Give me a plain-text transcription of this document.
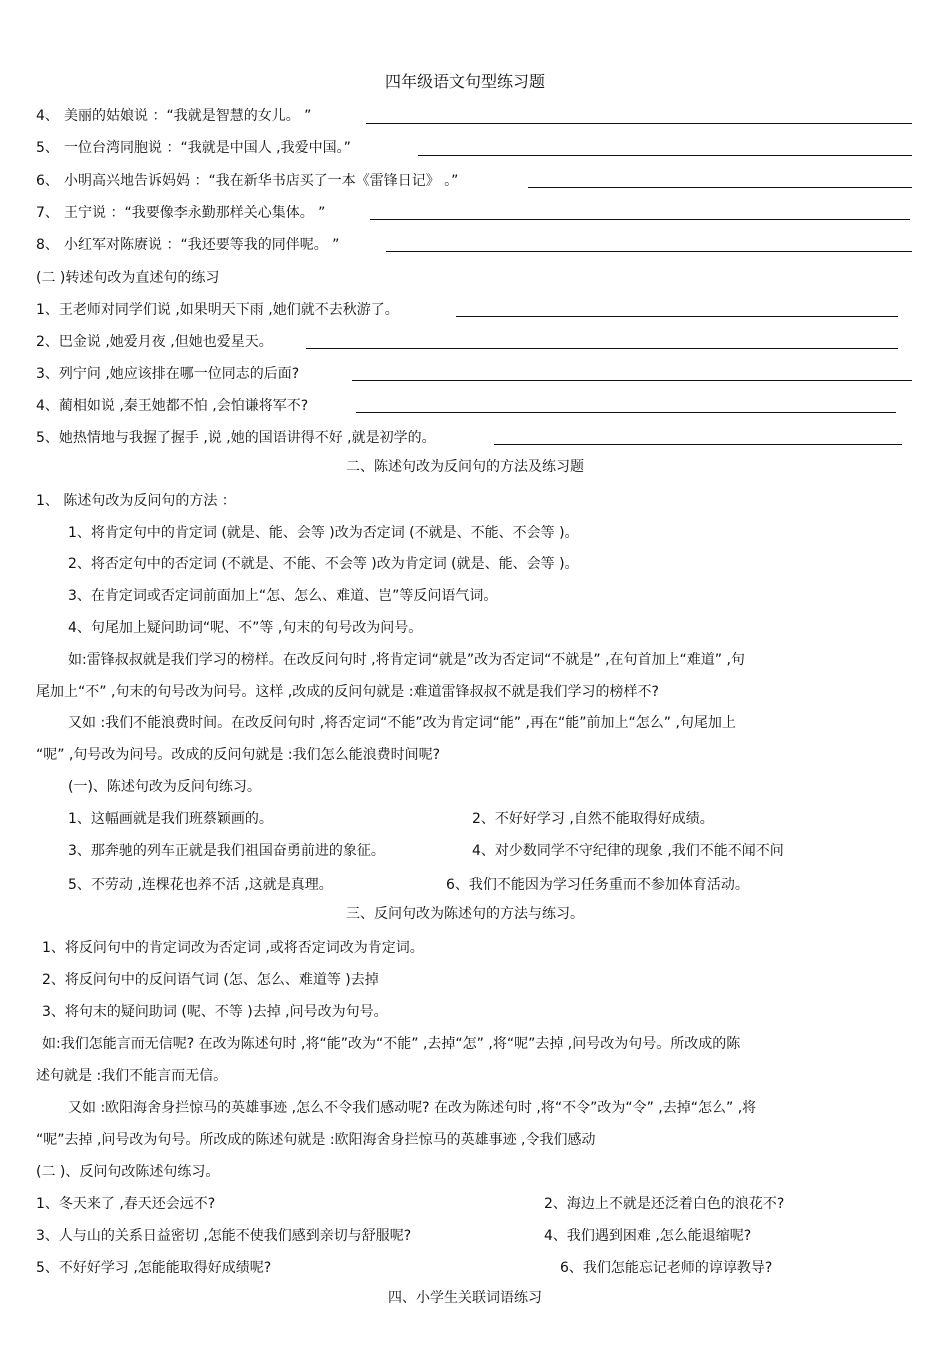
四年级语文句型练习题
4、 美丽的姑娘说 ：“我就是智慧的女儿。 ”
5、 一位台湾同胞说 ：“我就是中国人 ,我爱中国。”
6、 小明高兴地告诉妈妈 ：“我在新华书店买了一本《雷锋日记》 。”
7、 王宁说 ：“我要像李永勤那样关心集体。 ”
8、 小红军对陈赓说 ：“我还要等我的同伴呢。 ”
(二 )转述句改为直述句的练习
1、王老师对同学们说 ,如果明天下雨 ,她们就不去秋游了。
2、巴金说 ,她爱月夜 ,但她也爱星天。
3、列宁问 ,她应该排在哪一位同志的后面?
4、蔺相如说 ,秦王她都不怕 ,会怕谦将军不?
5、她热情地与我握了握手 ,说 ,她的国语讲得不好 ,就是初学的。
二、陈述句改为反问句的方法及练习题
1、 陈述句改为反问句的方法 ：
1、将肯定句中的肯定词 (就是、能、会等 )改为否定词 (不就是、不能、不会等 )。
2、将否定句中的否定词 (不就是、不能、不会等 )改为肯定词 (就是、能、会等 )。
3、在肯定词或否定词前面加上“怎、怎么、难道、岂”等反问语气词。
4、句尾加上疑问助词“呢、不”等 ,句末的句号改为问号。
如:雷锋叔叔就是我们学习的榜样。在改反问句时 ,将肯定词“就是”改为否定词“不就是” ,在句首加上“难道” ,句
尾加上“不” ,句末的句号改为问号。这样 ,改成的反问句就是 :难道雷锋叔叔不就是我们学习的榜样不?
又如 :我们不能浪费时间。在改反问句时 ,将否定词“不能”改为肯定词“能” ,再在“能”前加上“怎么” ,句尾加上
“呢” ,句号改为问号。改成的反问句就是 :我们怎么能浪费时间呢?
(一)、陈述句改为反问句练习。
1、这幅画就是我们班蔡颖画的。	2、不好好学习 ,自然不能取得好成绩。
3、那奔驰的列车正就是我们祖国奋勇前进的象征。	4、对少数同学不守纪律的现象 ,我们不能不闻不问
5、不劳动 ,连棵花也养不活 ,这就是真理。	6、我们不能因为学习任务重而不参加体育活动。
三、反问句改为陈述句的方法与练习。
1、将反问句中的肯定词改为否定词 ,或将否定词改为肯定词。
2、将反问句中的反问语气词 (怎、怎么、难道等 )去掉
3、将句末的疑问助词 (呢、不等 )去掉 ,问号改为句号。
如:我们怎能言而无信呢? 在改为陈述句时 ,将“能”改为“不能” ,去掉“怎” ,将“呢”去掉 ,问号改为句号。所改成的陈
述句就是 :我们不能言而无信。
又如 :欧阳海舍身拦惊马的英雄事迹 ,怎么不令我们感动呢? 在改为陈述句时 ,将“不令”改为“令” ,去掉“怎么” ,将
“呢”去掉 ,问号改为句号。所改成的陈述句就是 :欧阳海舍身拦惊马的英雄事迹 ,令我们感动
(二 )、反问句改陈述句练习。
1、冬天来了 ,春天还会远不?	2、海边上不就是还泛着白色的浪花不?
3、人与山的关系日益密切 ,怎能不使我们感到亲切与舒服呢?	4、我们遇到困难 ,怎么能退缩呢?
5、不好好学习 ,怎能能取得好成绩呢?	6、我们怎能忘记老师的谆谆教导?
四、小学生关联词语练习
